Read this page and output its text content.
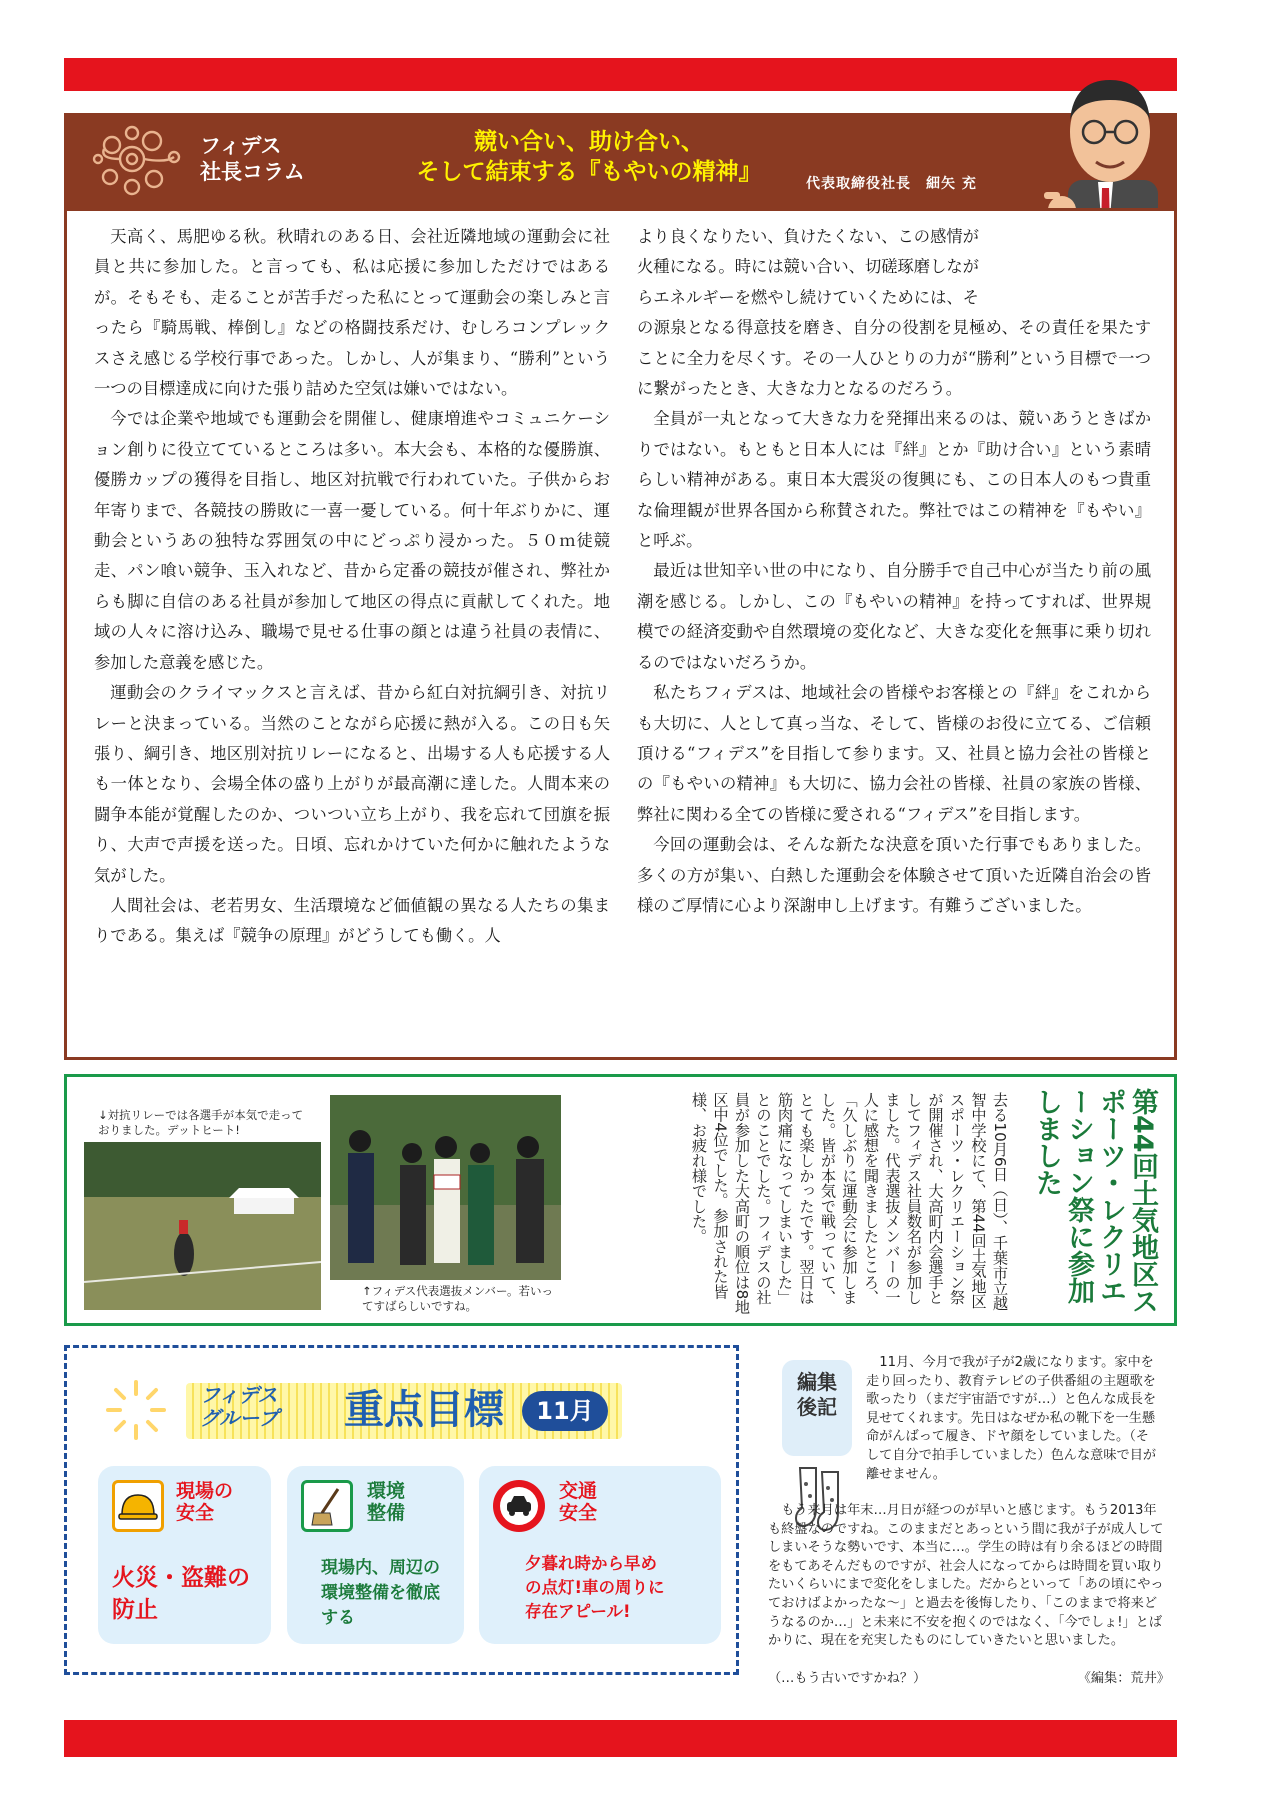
フィデス
社長コラム
競い合い、助け合い、
そして結束する『もやいの精神』	代表取締役社長　細矢 充

天高く、馬肥ゆる秋。秋晴れのある日、会社近隣地域の運動会に社員と共に参加した。と言っても、私は応援に参加しただけではあるが。そもそも、走ることが苦手だった私にとって運動会の楽しみと言ったら『騎馬戦、棒倒し』などの格闘技系だけ、むしろコンプレックスさえ感じる学校行事であった。しかし、人が集まり、“勝利”という一つの目標達成に向けた張り詰めた空気は嫌いではない。

今では企業や地域でも運動会を開催し、健康増進やコミュニケーション創りに役立てているところは多い。本大会も、本格的な優勝旗、優勝カップの獲得を目指し、地区対抗戦で行われていた。子供からお年寄りまで、各競技の勝敗に一喜一憂している。何十年ぶりかに、運動会というあの独特な雰囲気の中にどっぷり浸かった。５０ｍ徒競走、パン喰い競争、玉入れなど、昔から定番の競技が催され、弊社からも脚に自信のある社員が参加して地区の得点に貢献してくれた。地域の人々に溶け込み、職場で見せる仕事の顔とは違う社員の表情に、参加した意義を感じた。

運動会のクライマックスと言えば、昔から紅白対抗綱引き、対抗リレーと決まっている。当然のことながら応援に熱が入る。この日も矢張り、綱引き、地区別対抗リレーになると、出場する人も応援する人も一体となり、会場全体の盛り上がりが最高潮に達した。人間本来の闘争本能が覚醒したのか、ついつい立ち上がり、我を忘れて団旗を振り、大声で声援を送った。日頃、忘れかけていた何かに触れたような気がした。

人間社会は、老若男女、生活環境など価値観の異なる人たちの集まりである。集えば『競争の原理』がどうしても働く。人

より良くなりたい、負けたくない、この感情が
火種になる。時には競い合い、切磋琢磨しなが
らエネルギーを燃やし続けていくためには、そ

の源泉となる得意技を磨き、自分の役割を見極め、その責任を果たすことに全力を尽くす。その一人ひとりの力が“勝利”という目標で一つに繋がったとき、大きな力となるのだろう。

全員が一丸となって大きな力を発揮出来るのは、競いあうときばかりではない。もともと日本人には『絆』とか『助け合い』という素晴らしい精神がある。東日本大震災の復興にも、この日本人のもつ貴重な倫理観が世界各国から称賛された。弊社ではこの精神を『もやい』と呼ぶ。

最近は世知辛い世の中になり、自分勝手で自己中心が当たり前の風潮を感じる。しかし、この『もやいの精神』を持ってすれば、世界規模での経済変動や自然環境の変化など、大きな変化を無事に乗り切れるのではないだろうか。

私たちフィデスは、地域社会の皆様やお客様との『絆』をこれからも大切に、人として真っ当な、そして、皆様のお役に立てる、ご信頼頂ける“フィデス”を目指して参ります。又、社員と協力会社の皆様との『もやいの精神』も大切に、協力会社の皆様、社員の家族の皆様、弊社に関わる全ての皆様に愛される“フィデス”を目指します。

今回の運動会は、そんな新たな決意を頂いた行事でもありました。多くの方が集い、白熱した運動会を体験させて頂いた近隣自治会の皆様のご厚情に心より深謝申し上げます。有難うございました。

↓対抗リレーでは各選手が本気で走っておりました。デットヒート!
↑フィデス代表選抜メンバー。若いってすばらしいですね。	去る10月6日（日）、千葉市立越智中学校にて、第44回土気地区スポーツ・レクリエーション祭が開催され、大高町内会選手としてフィデス社員数名が参加しました。代表選抜メンバーの一人に感想を聞きましたところ、「久しぶりに運動会に参加しました。皆が本気で戦っていて、とても楽しかったです。翌日は筋肉痛になってしまいました」とのことでした。フィデスの社員が参加した大高町の順位は8地区中4位でした。参加された皆様、お疲れ様でした。	第44回土気地区スポーツ・レクリエーション祭に参加しました
フィデス
グループ 重点目標	11月
現場の
安全
火災・盗難の防止
環境
整備
現場内、周辺の環境整備を徹底する
交通
安全
夕暮れ時から早めの点灯!車の周りに存在アピール!
編集
後記
11月、今月で我が子が2歳になります。家中を走り回ったり、教育テレビの子供番組の主題歌を歌ったり（まだ宇宙語ですが…）と色んな成長を見せてくれます。先日はなぜか私の靴下を一生懸命がんばって履き、ドヤ顔をしていました。（そして自分で拍手していました）色んな意味で目が離せません。
もう来月は年末…月日が経つのが早いと感じます。もう2013年も終盤なのですね。このままだとあっという間に我が子が成人してしまいそうな勢いです、本当に…。学生の時は有り余るほどの時間をもてあそんだものですが、社会人になってからは時間を買い取りたいくらいにまで変化をしました。だからといって「あの頃にやっておけばよかったな〜」と過去を後悔したり、「このままで将来どうなるのか…」と未来に不安を抱くのではなく、「今でしょ!」とばかりに、現在を充実したものにしていきたいと思いました。
（…もう古いですかね？）	《編集：荒井》
